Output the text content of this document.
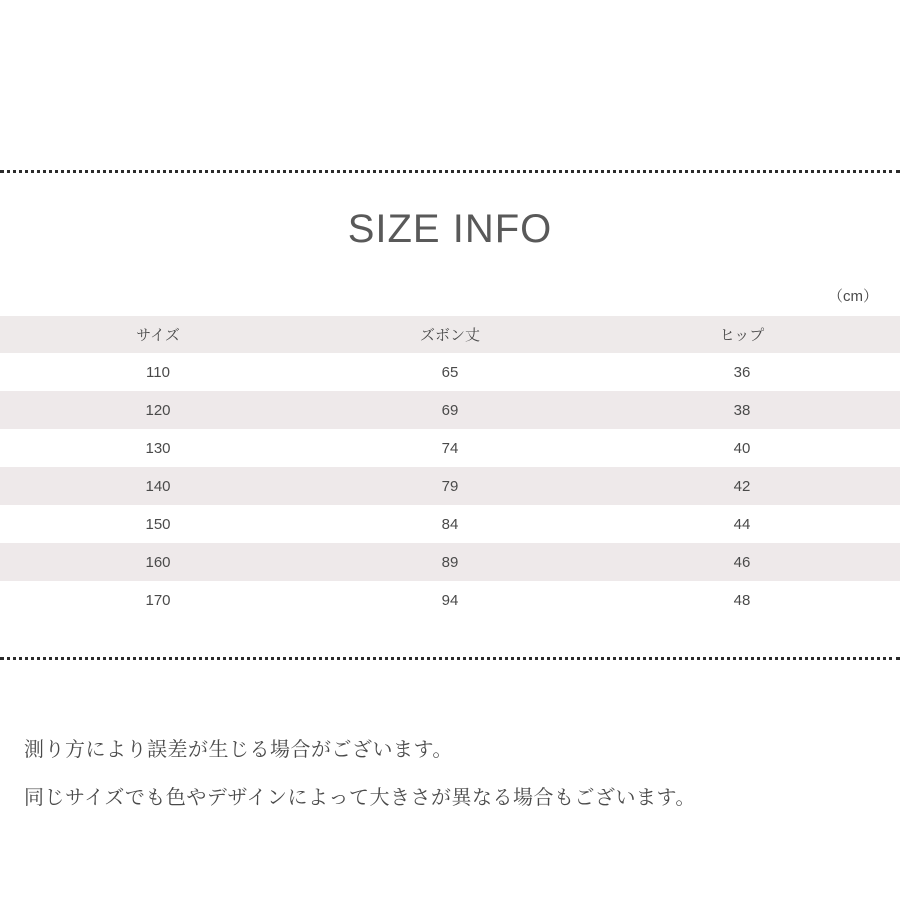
SIZE INFO
（cm）
サイズ	ズボン丈	ヒップ
110	65	36
120	69	38
130	74	40
140	79	42
150	84	44
160	89	46
170	94	48
測り方により誤差が生じる場合がございます。
同じサイズでも色やデザインによって大きさが異なる場合もございます。
